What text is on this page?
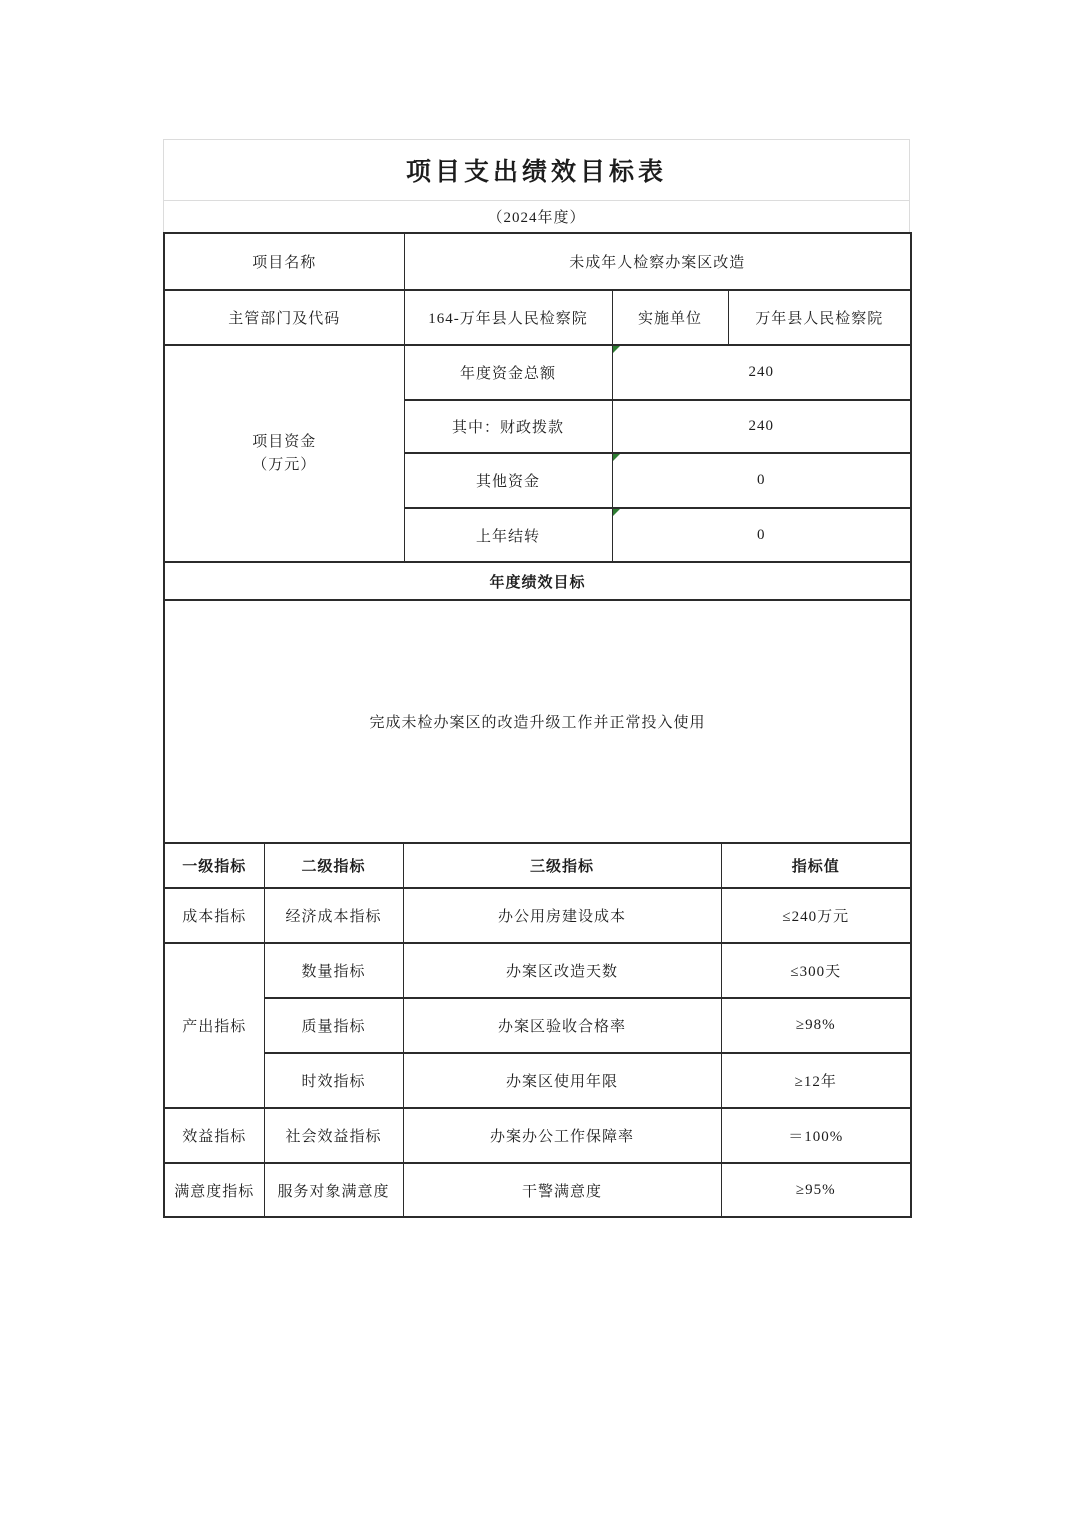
项目支出绩效目标表
（2024年度）
项目名称	未成年人检察办案区改造		
主管部门及代码	164-万年县人民检察院	实施单位	万年县人民检察院

项目资金
（万元）	年度资金总额	240	
	其中：财政拨款	240	
	其他资金	0	
	上年结转	0	
年度绩效目标			
完成未检办案区的改造升级工作并正常投入使用			
一级指标	二级指标	三级指标	指标值
成本指标	经济成本指标	办公用房建设成本	≤240万元
产出指标	数量指标	办案区改造天数	≤300天
	质量指标	办案区验收合格率	≥98%
	时效指标	办案区使用年限	≥12年
效益指标	社会效益指标	办案办公工作保障率	＝100%
满意度指标	服务对象满意度	干警满意度	≥95%
